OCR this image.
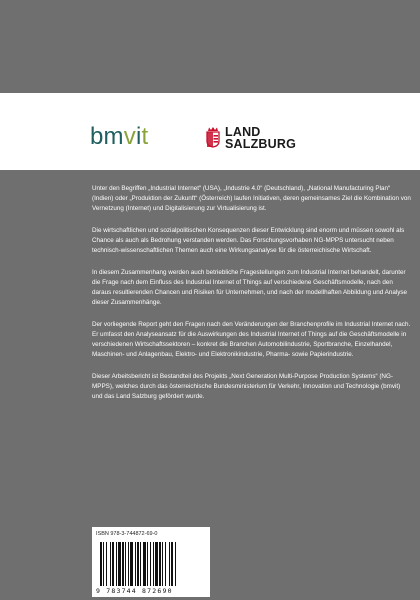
bmvit	LAND
SALZBURG

Unter den Begriffen „Industrial Internet“ (USA), „Industrie 4.0“ (Deutschland), „National Manufacturing Plan“ (Indien) oder „Produktion der Zukunft“ (Österreich) laufen Initiativen, deren gemeinsames Ziel die Kombination von Vernetzung (Internet) und Digitalisierung zur Virtualisierung ist.

Die wirtschaftlichen und sozialpolitischen Konsequenzen dieser Entwicklung sind enorm und müssen sowohl als Chance als auch als Bedrohung verstanden werden. Das Forschungsvorhaben NG-MPPS untersucht neben technisch-wissenschaftlichen Themen auch eine Wirkungsanalyse für die österreichische Wirtschaft.

In diesem Zusammenhang werden auch betriebliche Fragestellungen zum Industrial Internet behandelt, darunter die Frage nach dem Einfluss des Industrial Internet of Things auf verschiedene Geschäftsmodelle, nach den daraus resultierenden Chancen und Risiken für Unternehmen, und nach der modellhaften Abbildung und Analyse dieser Zusammenhänge.

Der vorliegende Report geht den Fragen nach den Veränderungen der Branchenprofile im Industrial Internet nach. Er umfasst den Analyseansatz für die Auswirkungen des Industrial Internet of Things auf die Geschäftsmodelle in verschiedenen Wirtschaftssektoren – konkret die Branchen Automobilindustrie, Sportbranche, Einzelhandel, Maschinen- und Anlagenbau, Elektro- und Elektronikindustrie, Pharma- sowie Papierindustrie.

Dieser Arbeitsbericht ist Bestandteil des Projekts „Next Generation Multi-Purpose Production Systems“ (NG-MPPS), welches durch das österreichische Bundesministerium für Verkehr, Innovation und Technologie (bmvit) und das Land Salzburg gefördert wurde.

ISBN 978-3-744872-69-0
9 783744 872690
